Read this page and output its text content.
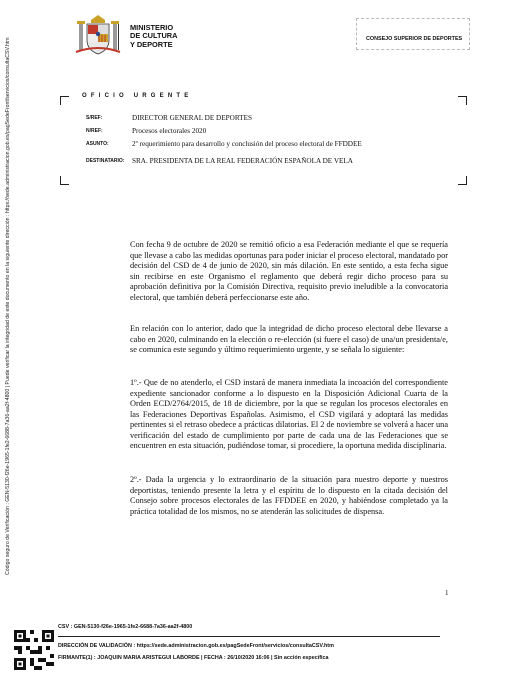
Código seguro de Verificación : GEN-5130-f26e-1965-1fe2-6688-7a36-aa2f-4800 | Puede verificar la integridad de este documento en la siguiente dirección : https://sede.administracion.gob.es/pagSedeFront/servicios/consultaCSV.htm
MINISTERIO
DE CULTURA
Y DEPORTE
CONSEJO SUPERIOR DE DEPORTES
OFICIO URGENTE
S/REF:	DIRECTOR GENERAL DE DEPORTES
N/REF:	Procesos electorales 2020
ASUNTO:	2º requerimiento para desarrollo y conclusión del proceso electoral de FFDDEE
DESTINATARIO: SRA. PRESIDENTA DE LA REAL FEDERACIÓN ESPAÑOLA DE VELA

Con fecha 9 de octubre de 2020 se remitió oficio a esa Federación mediante el que se requería que llevase a cabo las medidas oportunas para poder iniciar el proceso electoral, mandatado por decisión del CSD de 4 de junio de 2020, sin más dilación. En este sentido, a esta fecha sigue sin recibirse en este Organismo el reglamento que deberá regir dicho proceso para su aprobación definitiva por la Comisión Directiva, requisito previo ineludible a la convocatoria electoral, que también deberá perfeccionarse este año.

En relación con lo anterior, dado que la integridad de dicho proceso electoral debe llevarse a cabo en 2020, culminando en la elección o re-elección (si fuere el caso) de una/un presidenta/e, se comunica este segundo y último requerimiento urgente, y se señala lo siguiente:

1º.- Que de no atenderlo, el CSD instará de manera inmediata la incoación del correspondiente expediente sancionador conforme a lo dispuesto en la Disposición Adicional Cuarta de la Orden ECD/2764/2015, de 18 de diciembre, por la que se regulan los procesos electorales en las Federaciones Deportivas Españolas. Asimismo, el CSD vigilará y adoptará las medidas pertinentes si el retraso obedece a prácticas dilatorias. El 2 de noviembre se volverá a hacer una verificación del estado de cumplimiento por parte de cada una de las Federaciones que se encuentren en esta situación, pudiéndose tomar, si procediere, la oportuna medida disciplinaria.

2º.- Dada la urgencia y lo extraordinario de la situación para nuestro deporte y nuestros deportistas, teniendo presente la letra y el espíritu de lo dispuesto en la citada decisión del Consejo sobre procesos electorales de las FFDDEE en 2020, y habiéndose completado ya la práctica totalidad de los mismos, no se atenderán las solicitudes de dispensa.

1
CSV : GEN-5130-f26e-1965-1fe2-6688-7a36-aa2f-4800
DIRECCIÓN DE VALIDACIÓN : https://sede.administracion.gob.es/pagSedeFront/servicios/consultaCSV.htm
FIRMANTE(1) : JOAQUIN MARIA ARISTEGUI LABORDE | FECHA : 26/10/2020 16:06 | Sin acción específica
